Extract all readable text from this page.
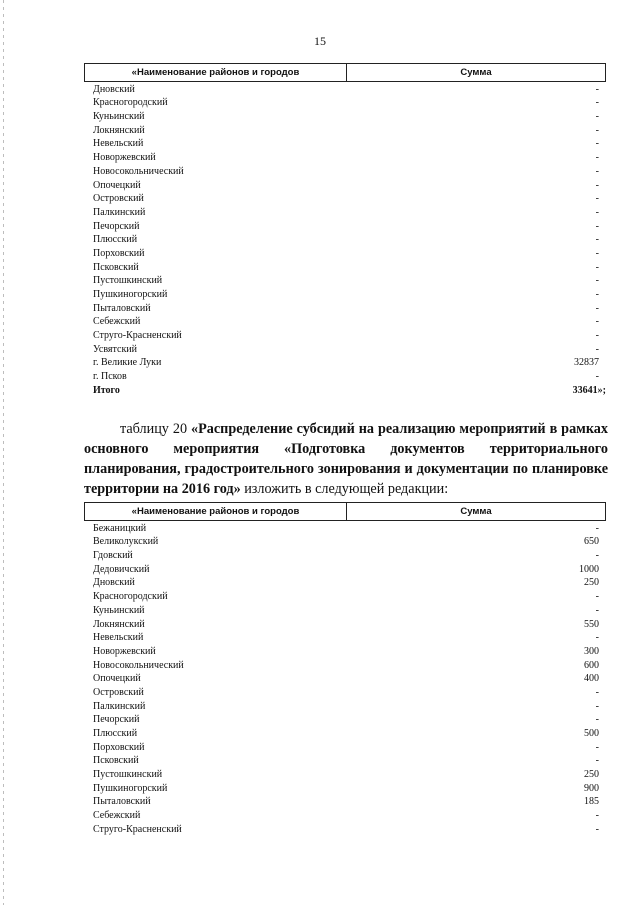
15
«Наименование районов и городов	Сумма
Дновский	-
Красногородский	-
Куньинский	-
Локнянский	-
Невельский	-
Новоржевский	-
Новосокольнический	-
Опочецкий	-
Островский	-
Палкинский	-
Печорский	-
Плюсский	-
Порховский	-
Псковский	-
Пустошкинский	-
Пушкиногорский	-
Пыталовский	-
Себежский	-
Струго-Красненский	-
Усвятский	-
г. Великие Луки	32837
г. Псков	-
Итого	33641»;
таблицу 20 «Распределение субсидий на реализацию мероприятий в рамках основного мероприятия «Подготовка документов территориального планирования, градостроительного зонирования и документации по планировке территории на 2016 год» изложить в следующей редакции:
«Наименование районов и городов	Сумма
Бежаницкий	-
Великолукский	650
Гдовский	-
Дедовичский	1000
Дновский	250
Красногородский	-
Куньинский	-
Локнянский	550
Невельский	-
Новоржевский	300
Новосокольнический	600
Опочецкий	400
Островский	-
Палкинский	-
Печорский	-
Плюсский	500
Порховский	-
Псковский	-
Пустошкинский	250
Пушкиногорский	900
Пыталовский	185
Себежский	-
Струго-Красненский	-
